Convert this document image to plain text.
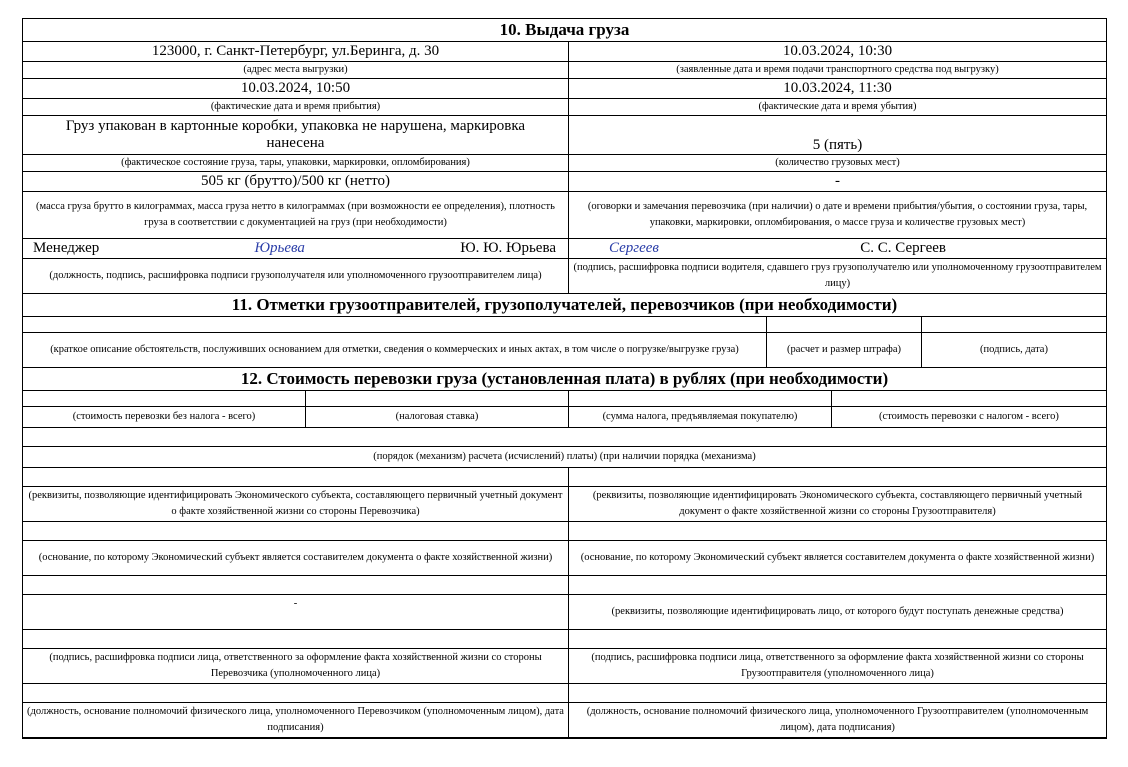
10. Выдача груза					
123000, г. Санкт-Петербург, ул.Беринга, д. 30		10.03.2024, 10:30			
(адрес места выгрузки)		(заявленные дата и время подачи транспортного средства под выгрузку)			
10.03.2024, 10:50		10.03.2024, 11:30			
(фактические дата и время прибытия)		(фактические дата и время убытия)			

Груз упакован в картонные коробки, упаковка не нарушена, маркировка
нанесена		5 (пять)			
(фактическое состояние груза, тары, упаковки, маркировки, опломбирования)		(количество грузовых мест)			
505 кг (брутто)/500 кг (нетто)		-			
(масса груза брутто в килограммах, масса груза нетто в килограммах (при возможности ее определения), плотность груза в соответствии с документацией на груз (при необходимости)		(оговорки и замечания перевозчика (при наличии) о дате и времени прибытия/убытия, о состоянии груза, тары, упаковки, маркировки, опломбирования, о массе груза и количестве грузовых мест)			

Менеджер Юрьева Ю. Ю. Юрьева		Сергеев С. С. Сергеев			

(должность, подпись, расшифровка подписи грузополучателя или уполномоченного грузоотправителем лица)		(подпись, расшифровка подписи водителя, сдавшего груз грузополучателю или уполномоченному грузоотправителем лицу)			
11. Отметки грузоотправителей, грузополучателей, перевозчиков (при необходимости)					

(краткое описание обстоятельств, послуживших основанием для отметки, сведения о коммерческих и иных актах, в том числе о погрузке/выгрузке груза)			(расчет и размер штрафа)		(подпись, дата)
12. Стоимость перевозки груза (установленная плата) в рублях (при необходимости)					

(стоимость перевозки без налога - всего)	(налоговая ставка)	(сумма налога, предъявляемая покупателю)		(стоимость перевозки с налогом - всего)	

(порядок (механизм) расчета (исчислений) платы) (при наличии порядка (механизма)					

(реквизиты, позволяющие идентифицировать Экономического субъекта, составляющего первичный учетный документ о факте хозяйственной жизни со стороны Перевозчика)		(реквизиты, позволяющие идентифицировать Экономического субъекта, составляющего первичный учетный документ о факте хозяйственной жизни со стороны Грузоотправителя)			

(основание, по которому Экономический субъект является составителем документа о факте хозяйственной жизни)		(основание, по которому Экономический субъект является составителем документа о факте хозяйственной жизни)			

-		(реквизиты, позволяющие идентифицировать лицо, от которого будут поступать денежные средства)			

(подпись, расшифровка подписи лица, ответственного за оформление факта хозяйственной жизни со стороны Перевозчика (уполномоченного лица)		(подпись, расшифровка подписи лица, ответственного за оформление факта хозяйственной жизни со стороны Грузоотправителя (уполномоченного лица)			

(должность, основание полномочий физического лица, уполномоченного Перевозчиком (уполномоченным лицом), дата подписания)		(должность, основание полномочий физического лица, уполномоченного Грузоотправителем (уполномоченным лицом), дата подписания)			
